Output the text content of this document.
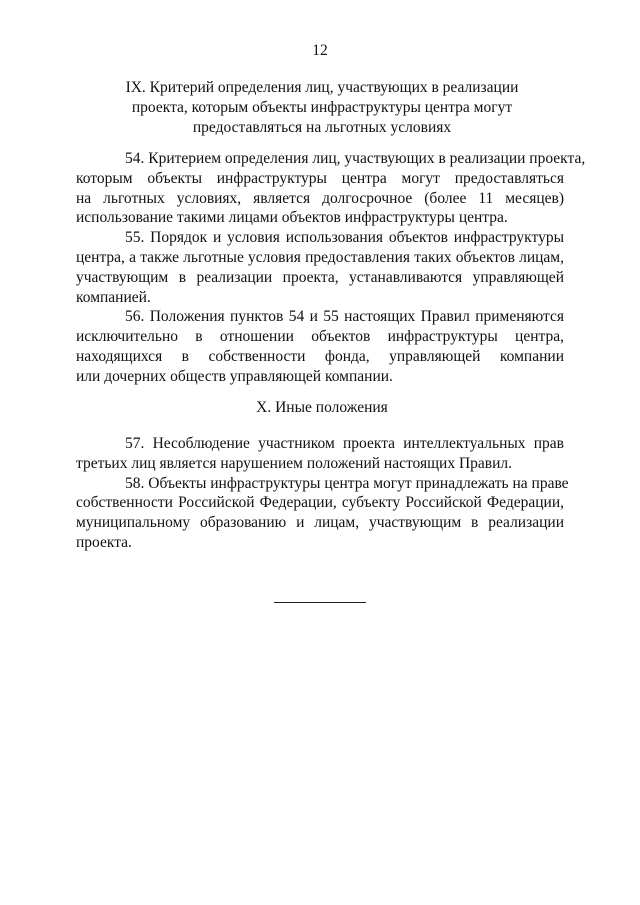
12
IX. Критерий определения лиц, участвующих в реализации
проекта, которым объекты инфраструктуры центра могут
предоставляться на льготных условиях

54. Критерием определения лиц, участвующих в реализации проекта,
которым объекты инфраструктуры центра могут предоставляться
на льготных условиях, является долгосрочное (более 11 месяцев)
использование такими лицами объектов инфраструктуры центра.

55. Порядок и условия использования объектов инфраструктуры
центра, а также льготные условия предоставления таких объектов лицам,
участвующим в реализации проекта, устанавливаются управляющей
компанией.

56. Положения пунктов 54 и 55 настоящих Правил применяются
исключительно в отношении объектов инфраструктуры центра,
находящихся в собственности фонда, управляющей компании
или дочерних обществ управляющей компании.

X. Иные положения

57. Несоблюдение участником проекта интеллектуальных прав
третьих лиц является нарушением положений настоящих Правил.

58. Объекты инфраструктуры центра могут принадлежать на праве
собственности Российской Федерации, субъекту Российской Федерации,
муниципальному образованию и лицам, участвующим в реализации
проекта.
